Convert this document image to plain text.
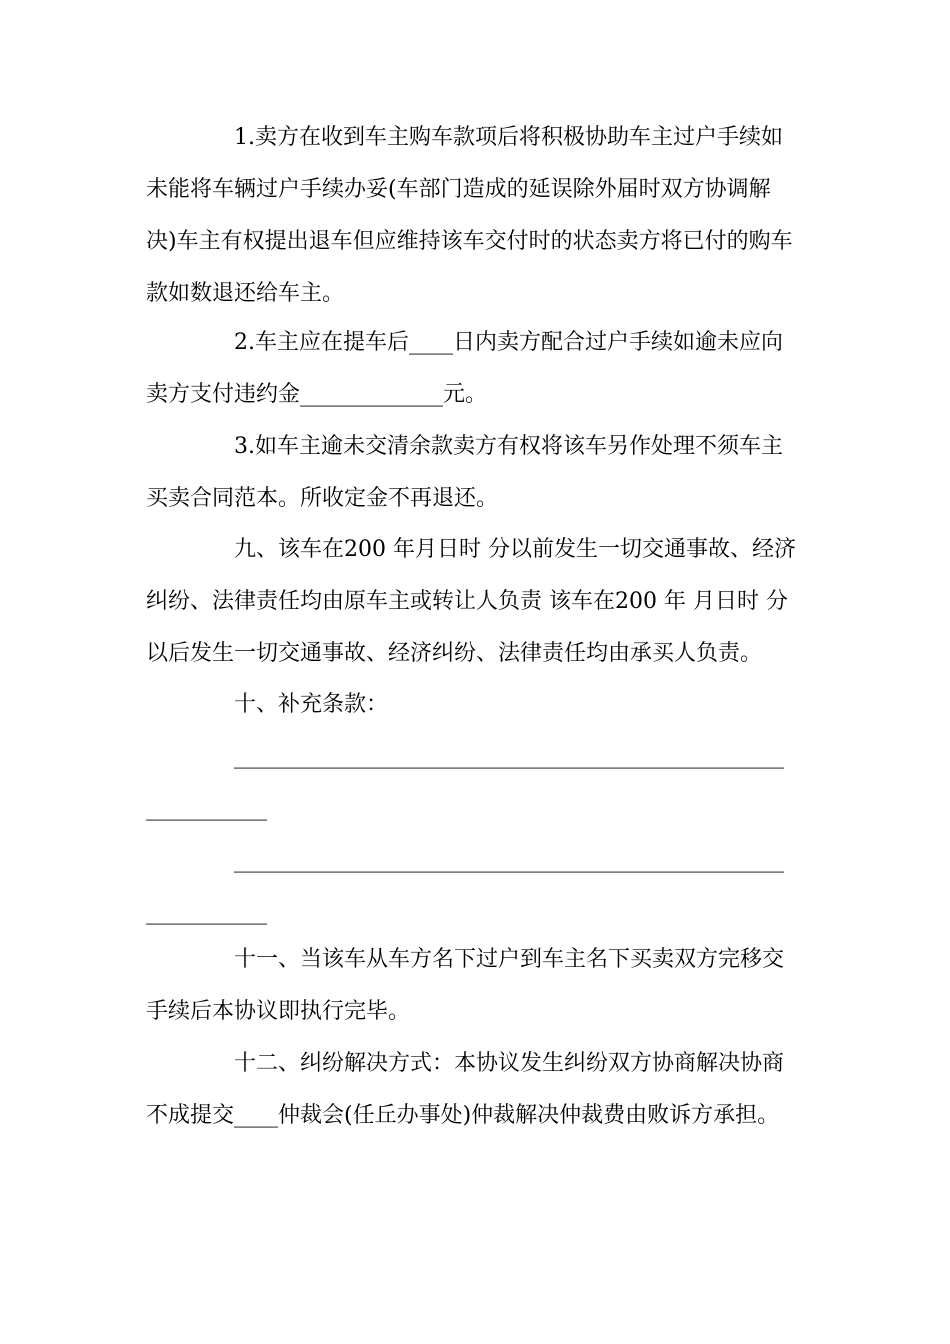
1.卖方在收到车主购车款项后将积极协助车主过户手续如
未能将车辆过户手续办妥(车部门造成的延误除外届时双方协调解
决)车主有权提出退车但应维持该车交付时的状态卖方将已付的购车
款如数退还给车主。
2.车主应在提车后____日内卖方配合过户手续如逾未应向
卖方支付违约金_____________元。
3.如车主逾未交清余款卖方有权将该车另作处理不须车主
买卖合同范本。所收定金不再退还。
九、该车在200 年月日时 分以前发生一切交通事故、经济
纠纷、法律责任均由原车主或转让人负责 该车在200 年 月日时 分
以后发生一切交通事故、经济纠纷、法律责任均由承买人负责。
十、补充条款：
__________________________________________________
___________
__________________________________________________
___________
十一、当该车从车方名下过户到车主名下买卖双方完移交
手续后本协议即执行完毕。
十二、纠纷解决方式：本协议发生纠纷双方协商解决协商
不成提交____仲裁会(任丘办事处)仲裁解决仲裁费由败诉方承担。
